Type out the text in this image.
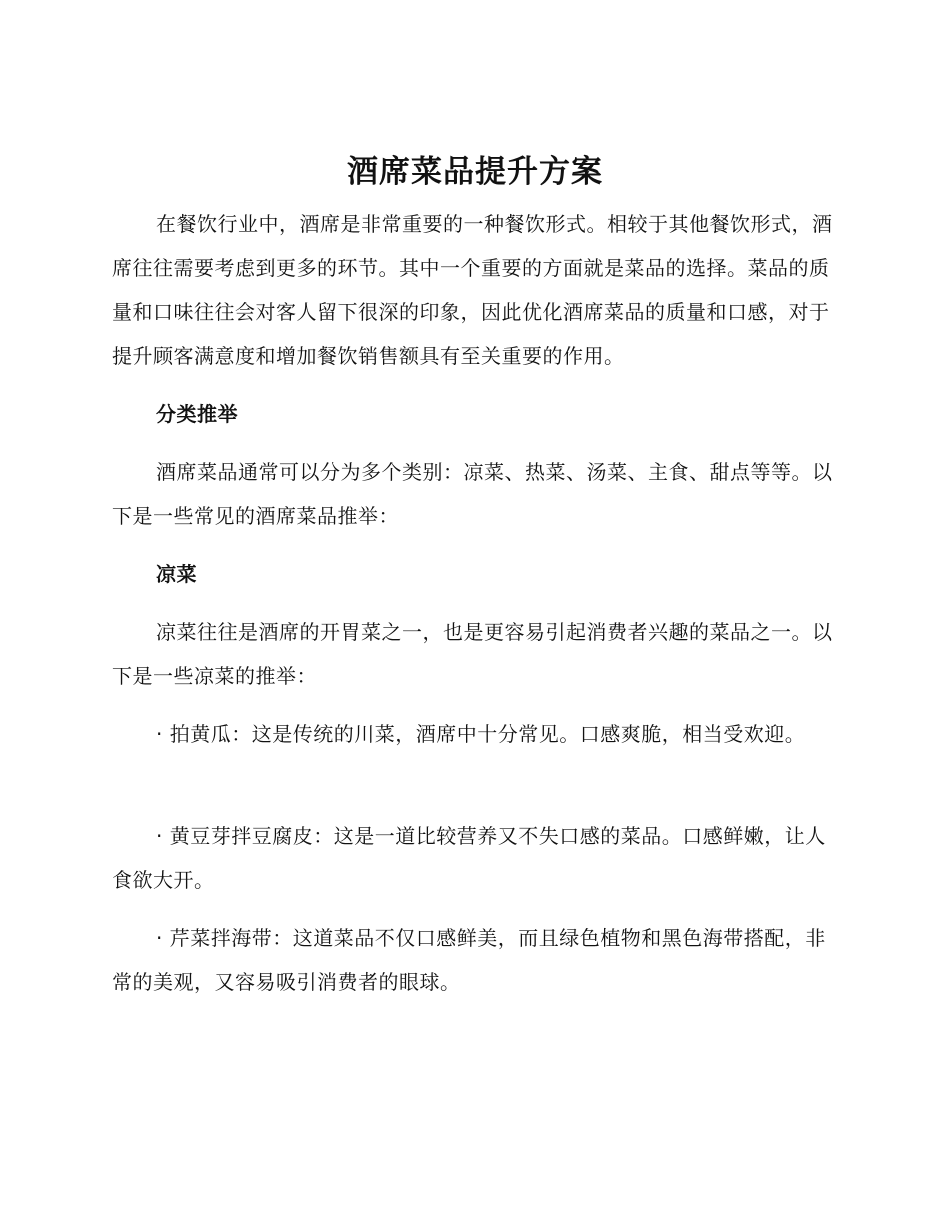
酒席菜品提升方案

在餐饮行业中，酒席是非常重要的一种餐饮形式。相较于其他餐饮形式，酒席往往需要考虑到更多的环节。其中一个重要的方面就是菜品的选择。菜品的质量和口味往往会对客人留下很深的印象，因此优化酒席菜品的质量和口感，对于提升顾客满意度和增加餐饮销售额具有至关重要的作用。

分类推举

酒席菜品通常可以分为多个类别：凉菜、热菜、汤菜、主食、甜点等等。以下是一些常见的酒席菜品推举：

凉菜

凉菜往往是酒席的开胃菜之一，也是更容易引起消费者兴趣的菜品之一。以下是一些凉菜的推举：

· 拍黄瓜：这是传统的川菜，酒席中十分常见。口感爽脆，相当受欢迎。

· 黄豆芽拌豆腐皮：这是一道比较营养又不失口感的菜品。口感鲜嫩，让人食欲大开。

· 芹菜拌海带：这道菜品不仅口感鲜美，而且绿色植物和黑色海带搭配，非常的美观，又容易吸引消费者的眼球。
